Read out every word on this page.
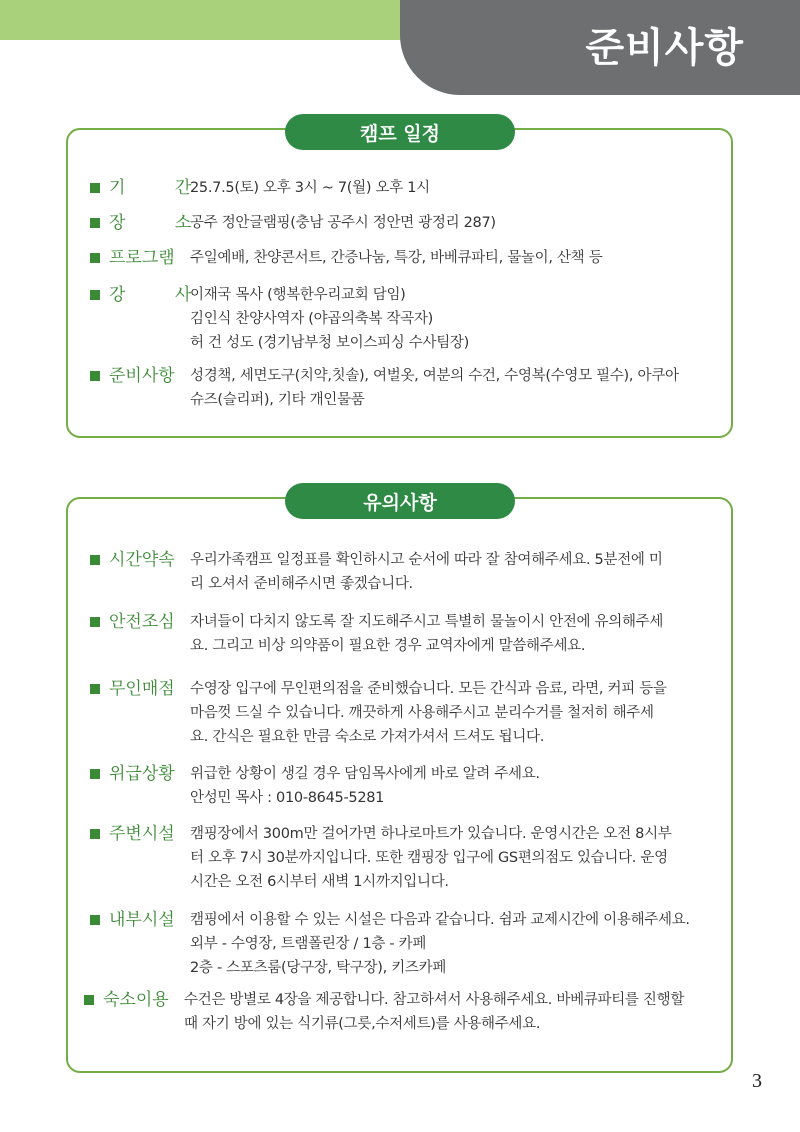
준비사항
캠프 일정
기 간
25.7.5(토) 오후 3시 ~ 7(월) 오후 1시
장 소
공주 정안글램핑(충남 공주시 정안면 광정리 287)
프로그램 주일예배, 찬양콘서트, 간증나눔, 특강, 바베큐파티, 물놀이, 산책 등
강 사
이재국 목사 (행복한우리교회 담임)
김인식 찬양사역자 (야곱의축복 작곡자)
허 건 성도 (경기남부청 보이스피싱 수사팀장)
준비사항 성경책, 세면도구(치약,칫솔), 여벌옷, 여분의 수건, 수영복(수영모 필수), 아쿠아
슈즈(슬리퍼), 기타 개인물품
유의사항
시간약속 우리가족캠프 일정표를 확인하시고 순서에 따라 잘 참여해주세요. 5분전에 미
리 오셔서 준비해주시면 좋겠습니다.
안전조심 자녀들이 다치지 않도록 잘 지도해주시고 특별히 물놀이시 안전에 유의해주세
요. 그리고 비상 의약품이 필요한 경우 교역자에게 말씀해주세요.
무인매점 수영장 입구에 무인편의점을 준비했습니다. 모든 간식과 음료, 라면, 커피 등을
마음껏 드실 수 있습니다. 깨끗하게 사용해주시고 분리수거를 철저히 해주세
요. 간식은 필요한 만큼 숙소로 가져가셔서 드셔도 됩니다.
위급상황 위급한 상황이 생길 경우 담임목사에게 바로 알려 주세요.
안성민 목사 : 010-8645-5281
주변시설 캠핑장에서 300m만 걸어가면 하나로마트가 있습니다. 운영시간은 오전 8시부
터 오후 7시 30분까지입니다. 또한 캠핑장 입구에 GS편의점도 있습니다. 운영
시간은 오전 6시부터 새벽 1시까지입니다.
내부시설 캠핑에서 이용할 수 있는 시설은 다음과 같습니다. 쉼과 교제시간에 이용해주세요.
외부 - 수영장, 트램폴린장 / 1층 - 카페
2층 - 스포츠룸(당구장, 탁구장), 키즈카페
숙소이용 수건은 방별로 4장을 제공합니다. 참고하셔서 사용해주세요. 바베큐파티를 진행할
때 자기 방에 있는 식기류(그릇,수저세트)를 사용해주세요.
3
